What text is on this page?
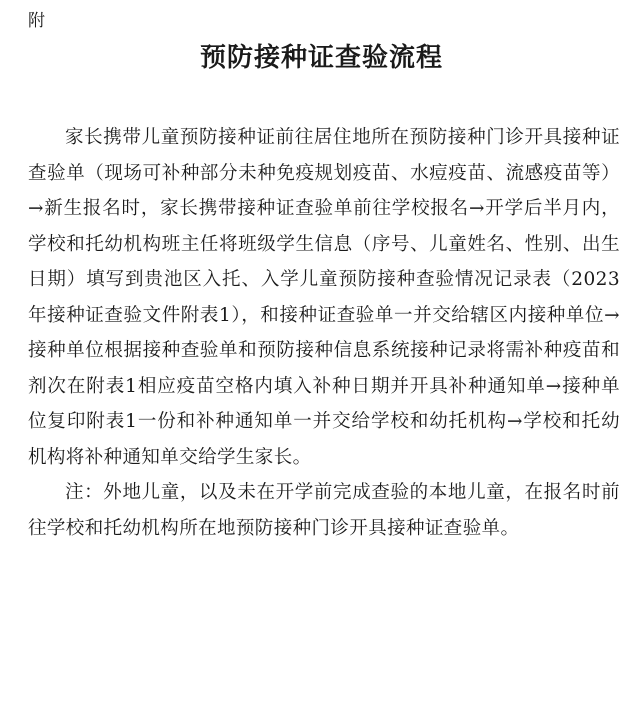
附
预防接种证查验流程

家长携带儿童预防接种证前往居住地所在预防接种门诊开具接种证查验单（现场可补种部分未种免疫规划疫苗、水痘疫苗、流感疫苗等）→新生报名时，家长携带接种证查验单前往学校报名→开学后半月内，学校和托幼机构班主任将班级学生信息（序号、儿童姓名、性别、出生日期）填写到贵池区入托、入学儿童预防接种查验情况记录表（2023年接种证查验文件附表1），和接种证查验单一并交给辖区内接种单位→接种单位根据接种查验单和预防接种信息系统接种记录将需补种疫苗和剂次在附表1相应疫苗空格内填入补种日期并开具补种通知单→接种单位复印附表1一份和补种通知单一并交给学校和幼托机构→学校和托幼机构将补种通知单交给学生家长。

注：外地儿童，以及未在开学前完成查验的本地儿童，在报名时前往学校和托幼机构所在地预防接种门诊开具接种证查验单。
